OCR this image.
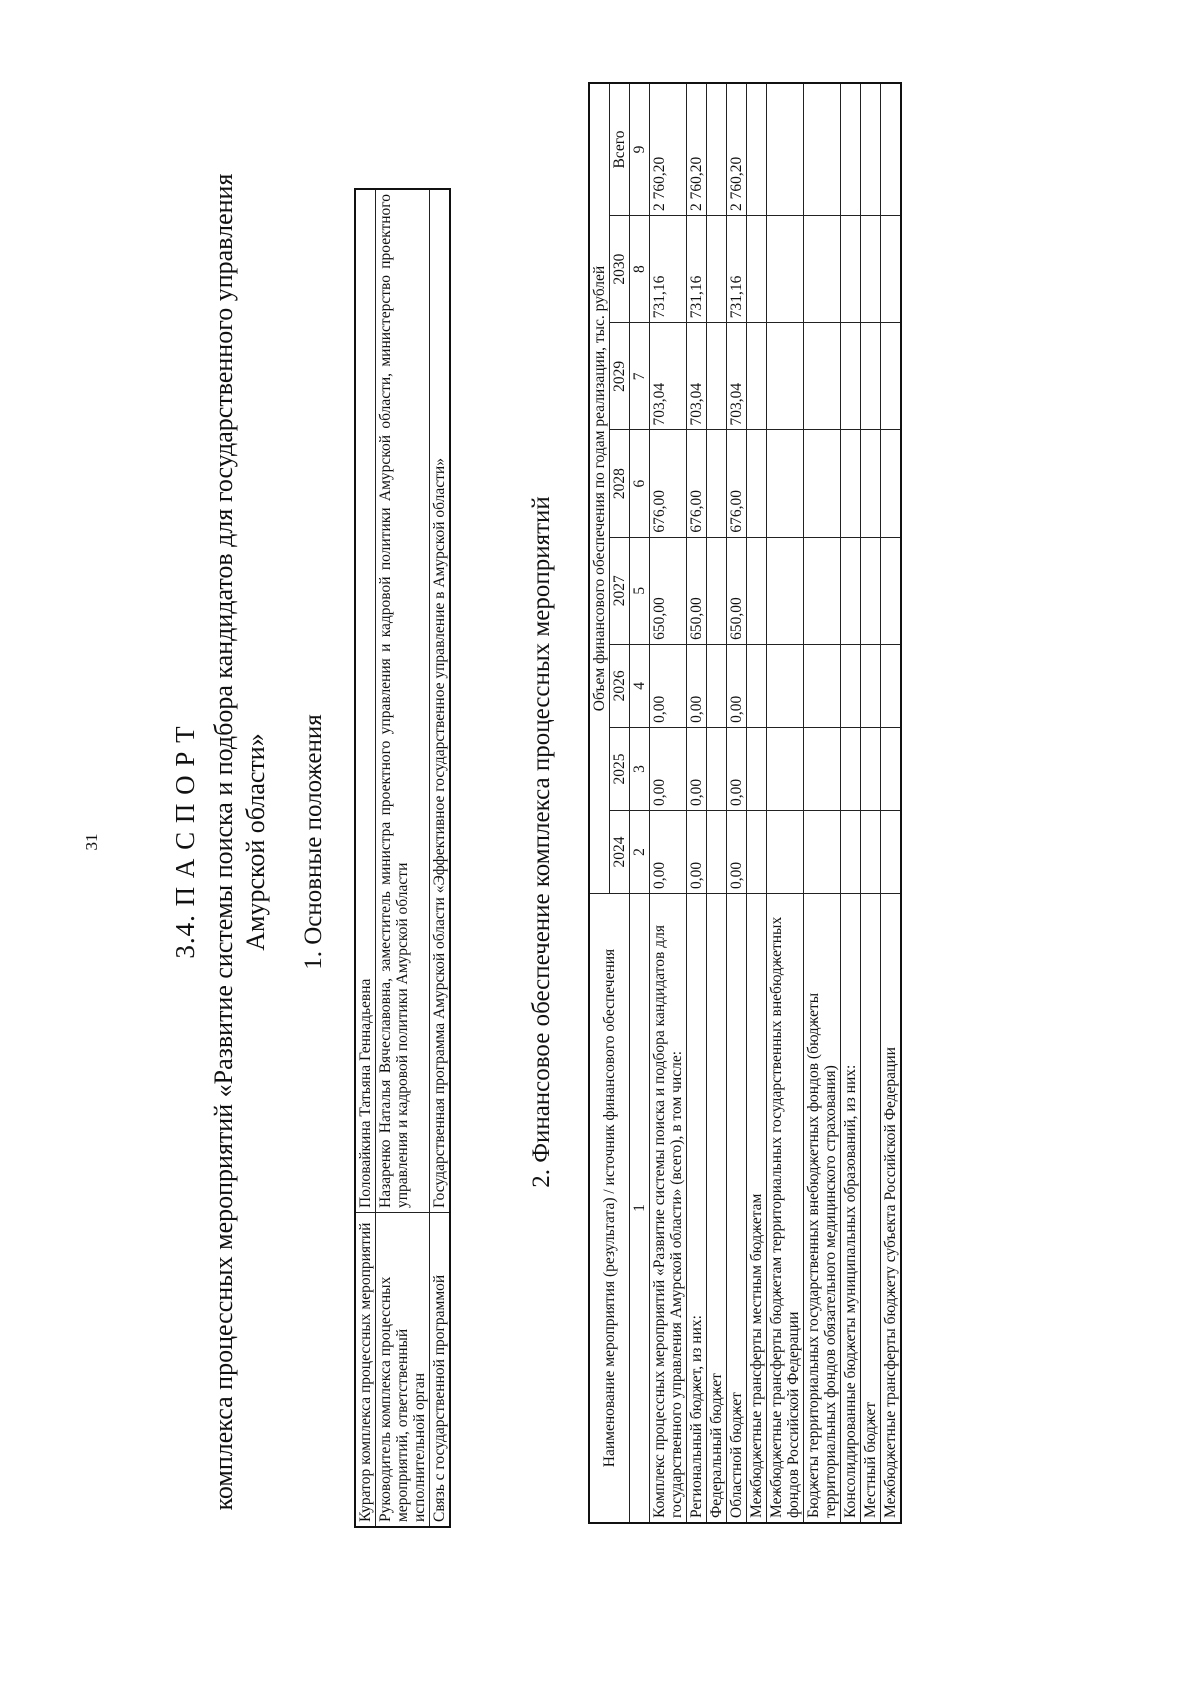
31	3.4. П А С П О Р Т комплекса процессных мероприятий «Развитие системы поиска и подбора кандидатов для государственного управления Амурской области» 1. Основные положения
Куратор комплекса процессных мероприятий	Половайкина Татьяна Геннадьевна
Руководитель комплекса процессных мероприятий, ответственный исполнительной орган	Назаренко Наталья Вячеславовна, заместитель министра проектного управления и кадровой политики Амурской области, министерство проектного управления и кадровой политики Амурской области
Связь с государственной программой	Государственная программа Амурской области «Эффективное государственное управление в Амурской области»	2. Финансовое обеспечение комплекса процессных мероприятий
Наименование мероприятия (результата) / источник финансового обеспечения	Объем финансового обеспечения по годам реализации, тыс. рублей							
	2024	2025	2026	2027	2028	2029	2030	Всего
1	2	3	4	5	6	7	8	9
Комплекс процессных мероприятий «Развитие системы поиска и подбора кандидатов для государственного управления Амурской области» (всего), в том числе:	0,00	0,00	0,00	650,00	676,00	703,04	731,16	2 760,20
Региональный бюджет, из них:	0,00	0,00	0,00	650,00	676,00	703,04	731,16	2 760,20
Федеральный бюджет								
Областной бюджет	0,00	0,00	0,00	650,00	676,00	703,04	731,16	2 760,20
Межбюджетные трансферты местным бюджетам								
Межбюджетные трансферты бюджетам территориальных государственных внебюджетных фондов Российской Федерации								
Бюджеты территориальных государственных внебюджетных фондов (бюджеты территориальных фондов обязательного медицинского страхования)								
Консолидированные бюджеты муниципальных образований, из них:								
Местный бюджет								
Межбюджетные трансферты бюджету субъекта Российской Федерации								
